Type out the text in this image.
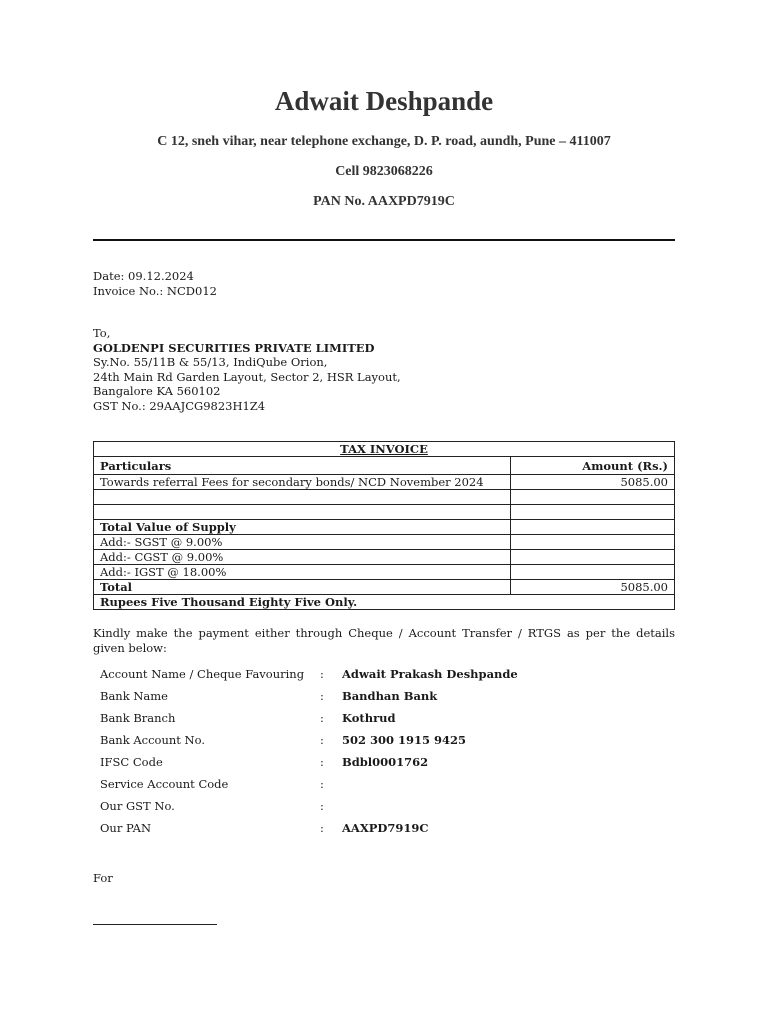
Adwait Deshpande
C 12, sneh vihar, near telephone exchange, D. P. road, aundh, Pune – 411007
Cell 9823068226
PAN No. AAXPD7919C
Date: 09.12.2024
Invoice No.: NCD012
To,
GOLDENPI SECURITIES PRIVATE LIMITED
Sy.No. 55/11B & 55/13, IndiQube Orion,
24th Main Rd Garden Layout, Sector 2, HSR Layout,
Bangalore KA 560102
GST No.: 29AAJCG9823H1Z4
TAX INVOICE	
Particulars	Amount (Rs.)
Towards referral Fees for secondary bonds/ NCD November 2024	5085.00

Total Value of Supply	
Add:- SGST @ 9.00%	
Add:- CGST @ 9.00%	
Add:- IGST @ 18.00%	
Total	5085.00
Rupees Five Thousand Eighty Five Only.	
Kindly make the payment either through Cheque / Account Transfer / RTGS as per the details given below:
Account Name / Cheque Favouring : Adwait Prakash Deshpande
Bank Name	: Bandhan Bank
Bank Branch	: Kothrud
Bank Account No.	: 502 300 1915 9425
IFSC Code	: Bdbl0001762
Service Account Code	:
Our GST No.	:
Our PAN	: AAXPD7919C
For
